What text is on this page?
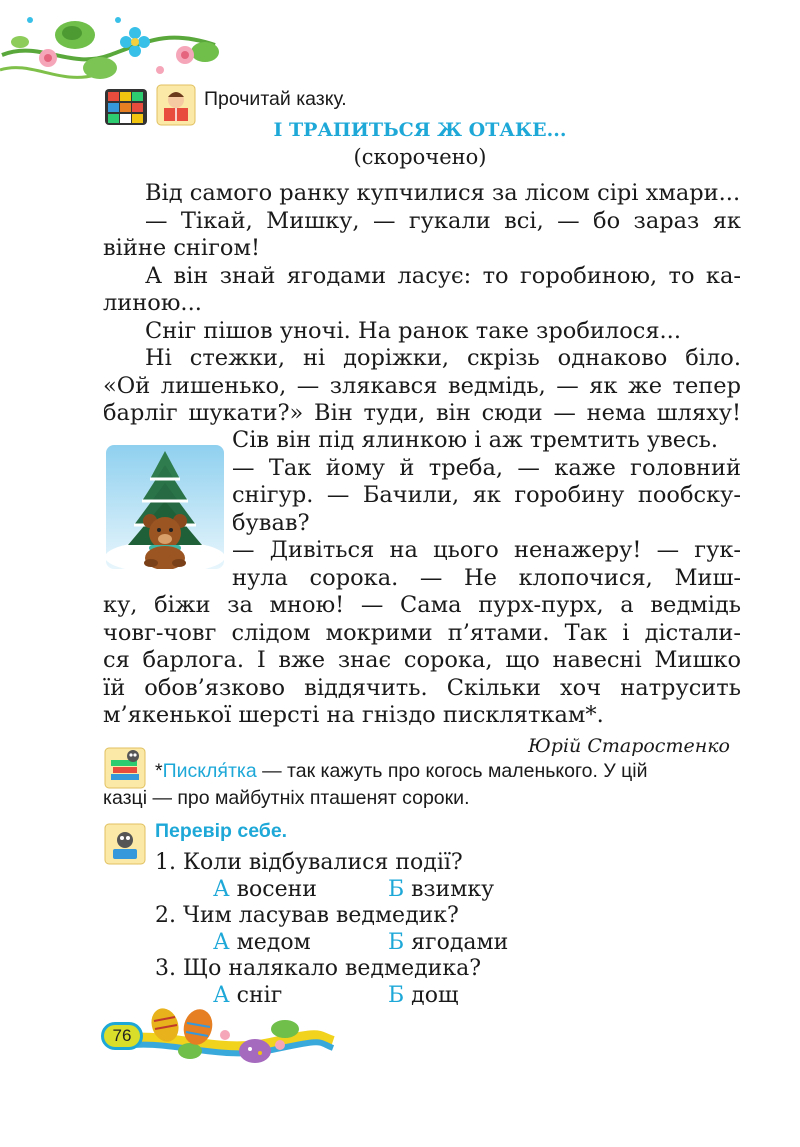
Прочитай казку.
І ТРАПИТЬСЯ Ж ОТАКЕ...
(скорочено)

Від самого ранку купчилися за лісом сірі хмари...

— Тікай, Мишку, — гукали всі, — бо зараз як

війне снігом!

А він знай ягодами ласує: то горобиною, то ка-

линою...

Сніг пішов уночі. На ранок таке зробилося...

Ні стежки, ні доріжки, скрізь однаково біло.

«Ой лишенько, — злякався ведмідь, — як же тепер

барліг шукати?» Він туди, він сюди — нема шляху!

Сів він під ялинкою і аж тремтить увесь.

— Так йому й треба, — каже головний

снігур. — Бачили, як горобину пообску-

бував?

— Дивіться на цього ненажеру! — гук-

нула сорока. — Не клопочися, Миш-

ку, біжи за мною! — Сама пурх-пурх, а ведмідь

човг-човг слідом мокрими п’ятами. Так і дістали-

ся барлога. І вже знає сорока, що навесні Мишко

їй обов’язково віддячить. Скільки хоч натрусить

м’якенької шерсті на гніздо пискляткам*.

Юрій Старостенко
*Пискля́тка — так кажуть про когось маленького. У цій
казці — про майбутніх пташенят сороки.
Перевір себе.
1. Коли відбувалися події?
А восени	Б взимку
2. Чим ласував ведмедик?
А медом	Б ягодами
3. Що налякало ведмедика?
А сніг	Б дощ
76
